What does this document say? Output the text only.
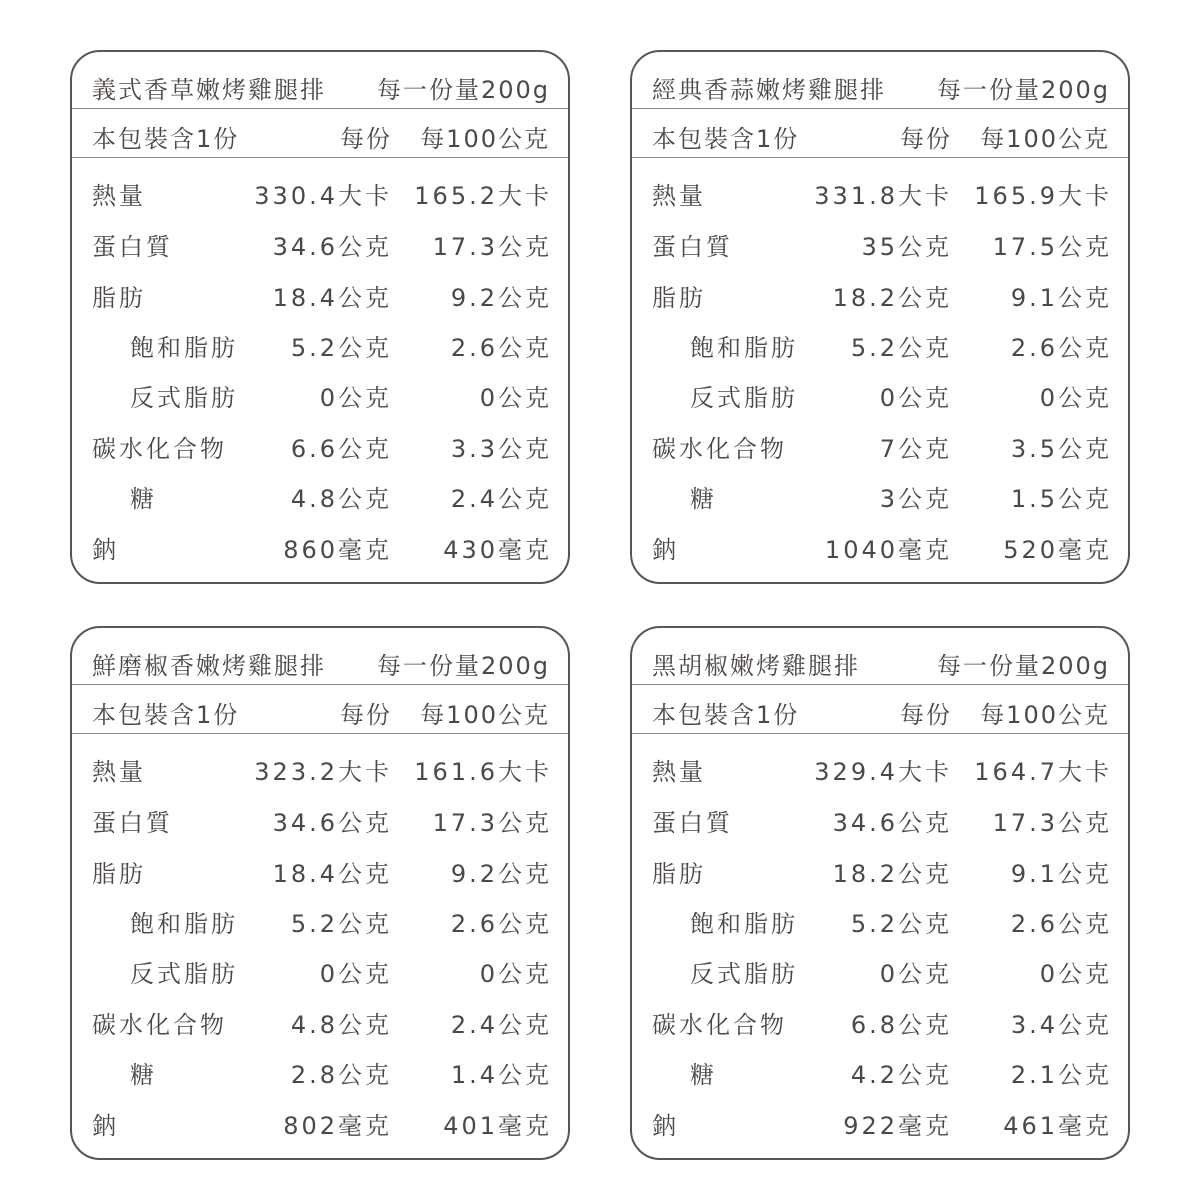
義式香草嫩烤雞腿排 每一份量200g
本包裝含1份	每份 每100公克
熱量	330.4大卡 165.2大卡
蛋白質	34.6公克 17.3公克
脂肪	18.4公克 9.2公克
飽和脂肪 5.2公克 2.6公克
反式脂肪	0公克	0公克
碳水化合物	6.6公克 3.3公克
糖	4.8公克 2.4公克
鈉	860毫克 430毫克
經典香蒜嫩烤雞腿排 每一份量200g
本包裝含1份	每份 每100公克
熱量	331.8大卡 165.9大卡
蛋白質	35公克 17.5公克
脂肪	18.2公克 9.1公克
飽和脂肪 5.2公克 2.6公克
反式脂肪	0公克	0公克
碳水化合物	7公克 3.5公克
糖	3公克 1.5公克
鈉	1040毫克 520毫克
鮮磨椒香嫩烤雞腿排 每一份量200g
本包裝含1份	每份 每100公克
熱量	323.2大卡 161.6大卡
蛋白質	34.6公克 17.3公克
脂肪	18.4公克 9.2公克
飽和脂肪 5.2公克 2.6公克
反式脂肪	0公克	0公克
碳水化合物	4.8公克 2.4公克
糖	2.8公克 1.4公克
鈉	802毫克 401毫克
黑胡椒嫩烤雞腿排	每一份量200g
本包裝含1份	每份 每100公克
熱量	329.4大卡 164.7大卡
蛋白質	34.6公克 17.3公克
脂肪	18.2公克 9.1公克
飽和脂肪 5.2公克 2.6公克
反式脂肪	0公克	0公克
碳水化合物	6.8公克 3.4公克
糖	4.2公克 2.1公克
鈉	922毫克 461毫克
